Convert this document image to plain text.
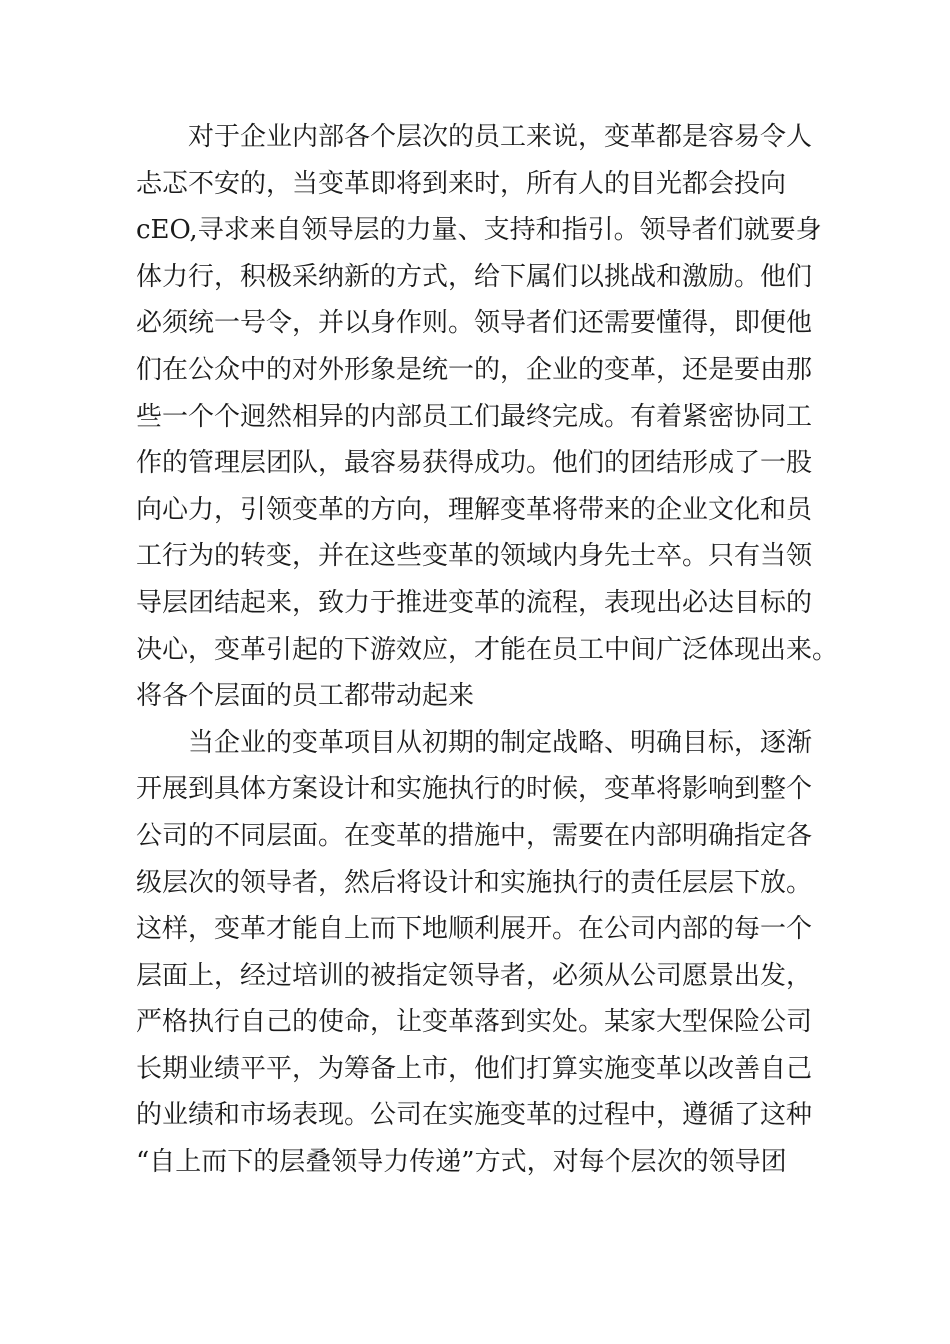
对于企业内部各个层次的员工来说，变革都是容易令人
忐忑不安的，当变革即将到来时，所有人的目光都会投向
cEO,寻求来自领导层的力量、支持和指引。领导者们就要身
体力行，积极采纳新的方式，给下属们以挑战和激励。他们
必须统一号令，并以身作则。领导者们还需要懂得，即便他
们在公众中的对外形象是统一的，企业的变革，还是要由那
些一个个迥然相异的内部员工们最终完成。有着紧密协同工
作的管理层团队，最容易获得成功。他们的团结形成了一股
向心力，引领变革的方向，理解变革将带来的企业文化和员
工行为的转变，并在这些变革的领域内身先士卒。只有当领
导层团结起来，致力于推进变革的流程，表现出必达目标的
决心，变革引起的下游效应，才能在员工中间广泛体现出来。
将各个层面的员工都带动起来
当企业的变革项目从初期的制定战略、明确目标，逐渐
开展到具体方案设计和实施执行的时候，变革将影响到整个
公司的不同层面。在变革的措施中，需要在内部明确指定各
级层次的领导者，然后将设计和实施执行的责任层层下放。
这样，变革才能自上而下地顺利展开。在公司内部的每一个
层面上，经过培训的被指定领导者，必须从公司愿景出发，
严格执行自己的使命，让变革落到实处。某家大型保险公司
长期业绩平平，为筹备上市，他们打算实施变革以改善自己
的业绩和市场表现。公司在实施变革的过程中，遵循了这种
“自上而下的层叠领导力传递”方式，对每个层次的领导团
